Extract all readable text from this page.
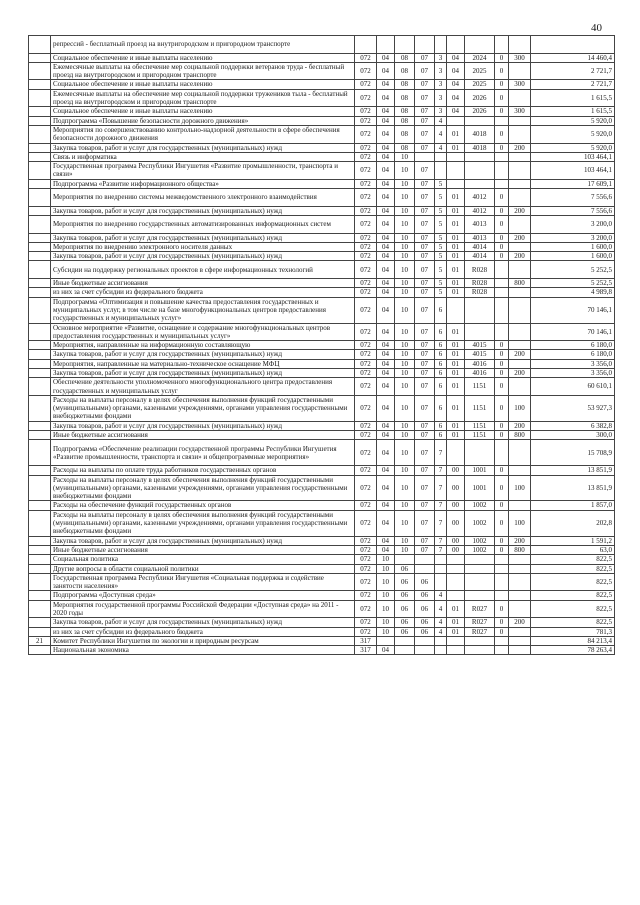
40
	репрессий - бесплатный проезд на внутригородском и пригородном транспорте										
	Социальное обеспечение и иные выплаты населению	072	04	08	07	3	04	2024	0	300	14 460,4
	Ежемесячные выплаты на обеспечение мер социальной поддержки ветеранов труда - бесплатный проезд на внутригородском и пригородном транспорте	072	04	08	07	3	04	2025	0		2 721,7
	Социальное обеспечение и иные выплаты населению	072	04	08	07	3	04	2025	0	300	2 721,7
	Ежемесячные выплаты на обеспечение мер социальной поддержки тружеников тыла - бесплатный проезд на внутригородском и пригородном транспорте	072	04	08	07	3	04	2026	0		1 615,5
	Социальное обеспечение и иные выплаты населению	072	04	08	07	3	04	2026	0	300	1 615,5
	Подпрограмма «Повышение безопасности дорожного движения»	072	04	08	07	4					5 920,0
	Мероприятия по совершенствованию контрольно-надзорной деятельности в сфере обеспечения безопасности дорожного движения	072	04	08	07	4	01	4018	0		5 920,0
	Закупка товаров, работ и услуг для государственных (муниципальных) нужд	072	04	08	07	4	01	4018	0	200	5 920,0
	Связь и информатика	072	04	10							103 464,1
	Государственная программа Республики Ингушетия «Развитие промышленности, транспорта и связи»	072	04	10	07						103 464,1
	Подпрограмма «Развитие информационного общества»	072	04	10	07	5					17 609,1
	Мероприятия по внедрению системы межведомственного электронного взаимодействия	072	04	10	07	5	01	4012	0		7 556,6
	Закупка товаров, работ и услуг для государственных (муниципальных) нужд	072	04	10	07	5	01	4012	0	200	7 556,6
	Мероприятия по внедрению государственных автоматизированных информационных систем	072	04	10	07	5	01	4013	0		3 200,0
	Закупка товаров, работ и услуг для государственных (муниципальных) нужд	072	04	10	07	5	01	4013	0	200	3 200,0
	Мероприятия по внедрению электронного носителя данных	072	04	10	07	5	01	4014	0		1 600,0
	Закупка товаров, работ и услуг для государственных (муниципальных) нужд	072	04	10	07	5	01	4014	0	200	1 600,0
	Субсидии на поддержку региональных проектов в сфере информационных технологий	072	04	10	07	5	01	R028			5 252,5
	Иные бюджетные ассигнования	072	04	10	07	5	01	R028		800	5 252,5
	из них за счет субсидии из федерального бюджета	072	04	10	07	5	01	R028			4 989,8
	Подпрограмма «Оптимизация и повышение качества предоставления государственных и муниципальных услуг, в том числе на базе многофункциональных центров предоставления государственных и муниципальных услуг»	072	04	10	07	6					70 146,1
	Основное мероприятие «Развитие, оснащение и содержание многофункциональных центров предоставления государственных и муниципальных услуг»	072	04	10	07	6	01				70 146,1
	Мероприятия, направленные на информационную составляющую	072	04	10	07	6	01	4015	0		6 180,0
	Закупка товаров, работ и услуг для государственных (муниципальных) нужд	072	04	10	07	6	01	4015	0	200	6 180,0
	Мероприятия, направленные на материально-техническое оснащение МФЦ	072	04	10	07	6	01	4016	0		3 356,0
	Закупка товаров, работ и услуг для государственных (муниципальных) нужд	072	04	10	07	6	01	4016	0	200	3 356,0
	Обеспечение деятельности уполномоченного многофункционального центра предоставления государственных и муниципальных услуг	072	04	10	07	6	01	1151	0		60 610,1
	Расходы на выплаты персоналу в целях обеспечения выполнения функций государственными (муниципальными) органами, казенными учреждениями, органами управления государственными внебюджетными фондами	072	04	10	07	6	01	1151	0	100	53 927,3
	Закупка товаров, работ и услуг для государственных (муниципальных) нужд	072	04	10	07	6	01	1151	0	200	6 382,8
	Иные бюджетные ассигнования	072	04	10	07	6	01	1151	0	800	300,0
	Подпрограмма «Обеспечение реализации государственной программы Республики Ингушетия «Развитие промышленности, транспорта и связи» и общепрограммные мероприятия»	072	04	10	07	7					15 708,9
	Расходы на выплаты по оплате труда работников государственных органов	072	04	10	07	7	00	1001	0		13 851,9
	Расходы на выплаты персоналу в целях обеспечения выполнения функций государственными (муниципальными) органами, казенными учреждениями, органами управления государственными внебюджетными фондами	072	04	10	07	7	00	1001	0	100	13 851,9
	Расходы на обеспечение функций государственных органов	072	04	10	07	7	00	1002	0		1 857,0
	Расходы на выплаты персоналу в целях обеспечения выполнения функций государственными (муниципальными) органами, казенными учреждениями, органами управления государственными внебюджетными фондами	072	04	10	07	7	00	1002	0	100	202,8
	Закупка товаров, работ и услуг для государственных (муниципальных) нужд	072	04	10	07	7	00	1002	0	200	1 591,2
	Иные бюджетные ассигнования	072	04	10	07	7	00	1002	0	800	63,0
	Социальная политика	072	10								822,5
	Другие вопросы в области социальной политики	072	10	06							822,5
	Государственная программа Республики Ингушетия «Социальная поддержка и содействие занятости населения»	072	10	06	06						822,5
	Подпрограмма «Доступная среда»	072	10	06	06	4					822,5
	Мероприятия государственной программы Российской Федерации «Доступная среда» на 2011 - 2020 годы	072	10	06	06	4	01	R027	0		822,5
	Закупка товаров, работ и услуг для государственных (муниципальных) нужд	072	10	06	06	4	01	R027	0	200	822,5
	из них за счет субсидии из федерального бюджета	072	10	06	06	4	01	R027	0		781,3
21	Комитет Республики Ингушетия по экологии и природным ресурсам	317									84 213,4
	Национальная экономика	317	04								78 263,4
